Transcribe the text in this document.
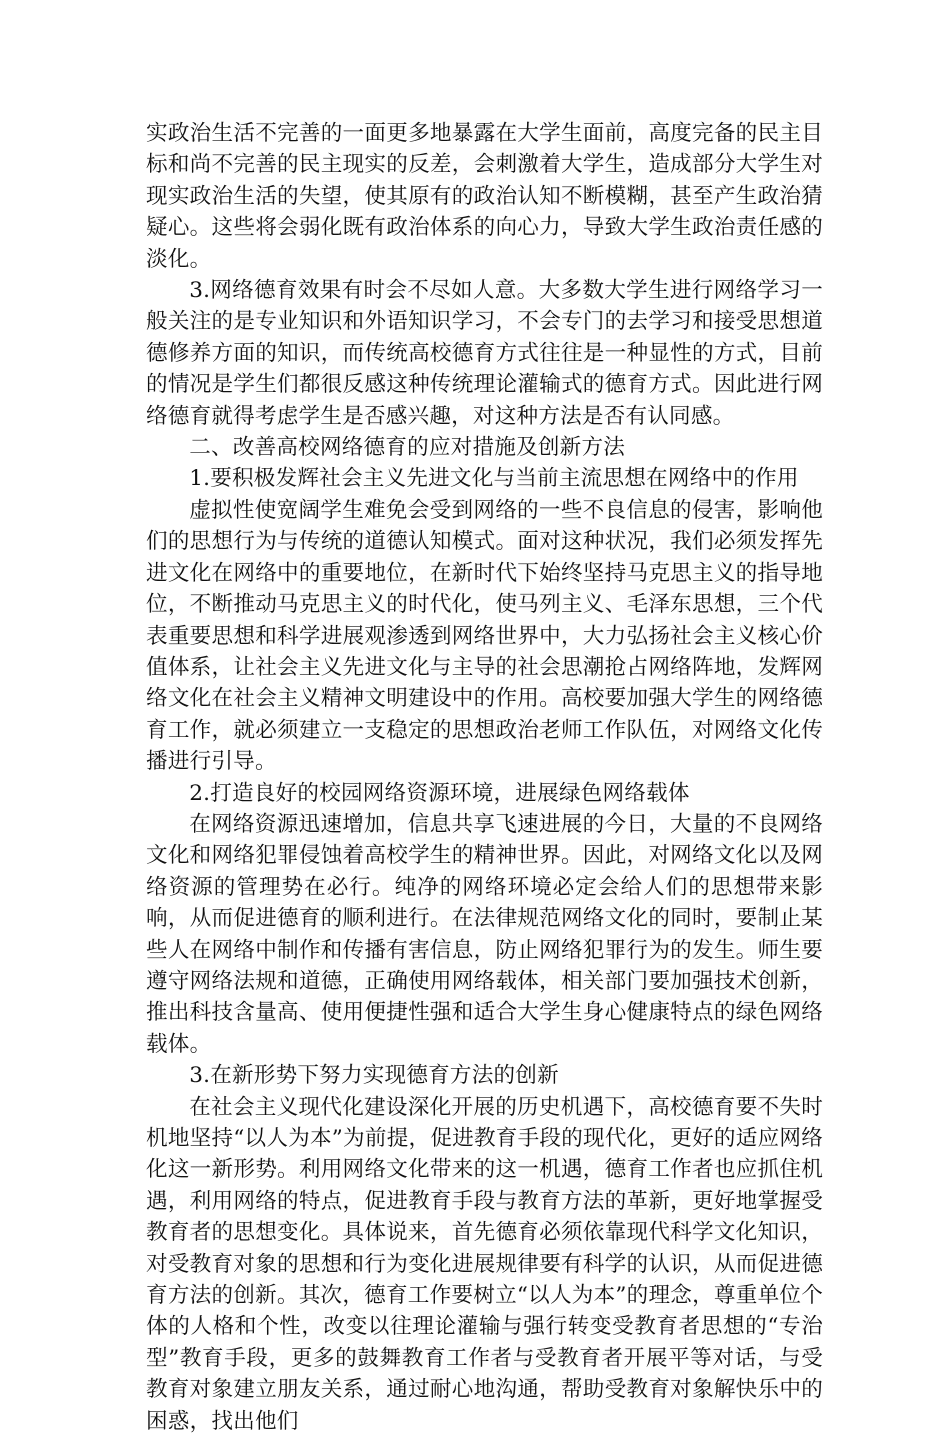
实政治生活不完善的一面更多地暴露在大学生面前，高度完备的民主目标和尚不完善的民主现实的反差，会刺激着大学生，造成部分大学生对现实政治生活的失望，使其原有的政治认知不断模糊，甚至产生政治猜疑心。这些将会弱化既有政治体系的向心力，导致大学生政治责任感的淡化。

3.网络德育效果有时会不尽如人意。大多数大学生进行网络学习一般关注的是专业知识和外语知识学习，不会专门的去学习和接受思想道德修养方面的知识，而传统高校德育方式往往是一种显性的方式，目前的情况是学生们都很反感这种传统理论灌输式的德育方式。因此进行网络德育就得考虑学生是否感兴趣，对这种方法是否有认同感。

二、改善高校网络德育的应对措施及创新方法

1.要积极发辉社会主义先进文化与当前主流思想在网络中的作用

虚拟性使宽阔学生难免会受到网络的一些不良信息的侵害，影响他们的思想行为与传统的道德认知模式。面对这种状况，我们必须发挥先进文化在网络中的重要地位，在新时代下始终坚持马克思主义的指导地位，不断推动马克思主义的时代化，使马列主义、毛泽东思想，三个代表重要思想和科学进展观渗透到网络世界中，大力弘扬社会主义核心价值体系，让社会主义先进文化与主导的社会思潮抢占网络阵地，发辉网络文化在社会主义精神文明建设中的作用。高校要加强大学生的网络德育工作，就必须建立一支稳定的思想政治老师工作队伍，对网络文化传播进行引导。

2.打造良好的校园网络资源环境，进展绿色网络载体

在网络资源迅速增加，信息共享飞速进展的今日，大量的不良网络文化和网络犯罪侵蚀着高校学生的精神世界。因此，对网络文化以及网络资源的管理势在必行。纯净的网络环境必定会给人们的思想带来影响，从而促进德育的顺利进行。在法律规范网络文化的同时，要制止某些人在网络中制作和传播有害信息，防止网络犯罪行为的发生。师生要遵守网络法规和道德，正确使用网络载体，相关部门要加强技术创新，推出科技含量高、使用便捷性强和适合大学生身心健康特点的绿色网络载体。

3.在新形势下努力实现德育方法的创新

在社会主义现代化建设深化开展的历史机遇下，高校德育要不失时机地坚持“以人为本”为前提，促进教育手段的现代化，更好的适应网络化这一新形势。利用网络文化带来的这一机遇，德育工作者也应抓住机遇，利用网络的特点，促进教育手段与教育方法的革新，更好地掌握受教育者的思想变化。具体说来，首先德育必须依靠现代科学文化知识，对受教育对象的思想和行为变化进展规律要有科学的认识，从而促进德育方法的创新。其次，德育工作要树立“以人为本”的理念，尊重单位个体的人格和个性，改变以往理论灌输与强行转变受教育者思想的“专治型”教育手段，更多的鼓舞教育工作者与受教育者开展平等对话，与受教育对象建立朋友关系，通过耐心地沟通，帮助受教育对象解快乐中的困惑，找出他们
